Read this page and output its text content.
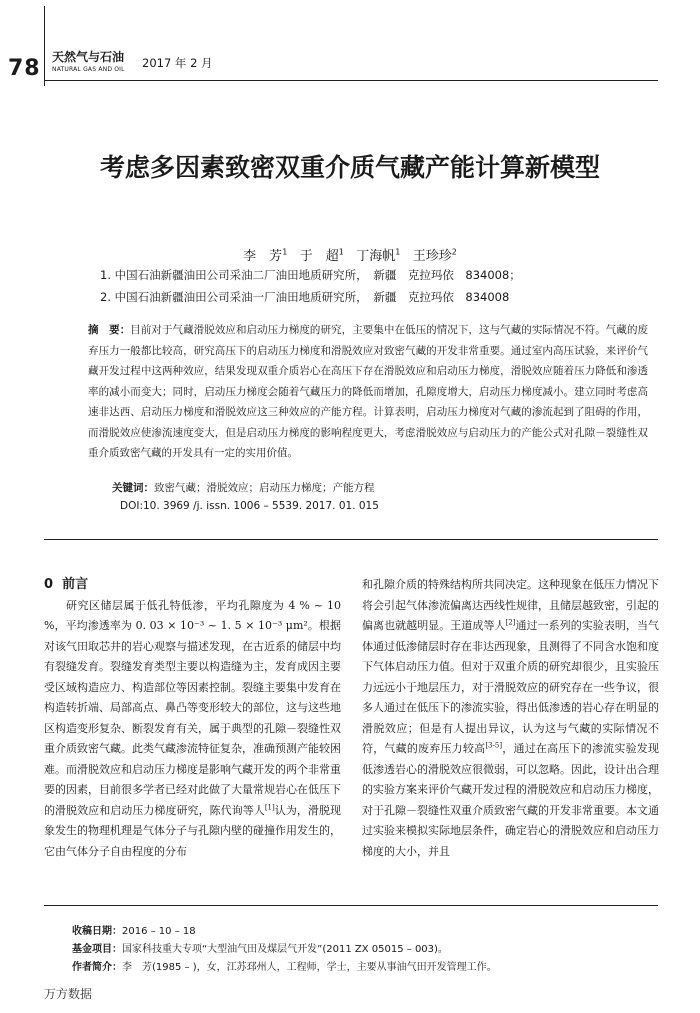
78 天然气与石油
NATURAL GAS AND OIL 2017 年 2 月
考虑多因素致密双重介质气藏产能计算新模型
李　芳$^1$ 于　超$^1$ 丁海帆$^1$ 王珍珍$^2$
1. 中国石油新疆油田公司采油二厂油田地质研究所，　新疆　克拉玛依　834008；
2. 中国石油新疆油田公司采油一厂油田地质研究所，　新疆　克拉玛依　834008
摘　要：目前对于气藏滑脱效应和启动压力梯度的研究，主要集中在低压的情况下，这与气藏的实际情况不符。气藏的废弃压力一般都比较高，研究高压下的启动压力梯度和滑脱效应对致密气藏的开发非常重要。通过室内高压试验，来评价气藏开发过程中这两种效应，结果发现双重介质岩心在高压下存在滑脱效应和启动压力梯度，滑脱效应随着压力降低和渗透率的减小而变大；同时，启动压力梯度会随着气藏压力的降低而增加，孔隙度增大，启动压力梯度减小。建立同时考虑高速非达西、启动压力梯度和滑脱效应这三种效应的产能方程。计算表明，启动压力梯度对气藏的渗流起到了阻碍的作用，而滑脱效应使渗流速度变大，但是启动压力梯度的影响程度更大，考虑滑脱效应与启动压力的产能公式对孔隙－裂缝性双重介质致密气藏的开发具有一定的实用价值。
关键词：致密气藏；滑脱效应；启动压力梯度；产能方程
DOI:10. 3969 /j. issn. 1006 – 5539. 2017. 01. 015
0 前言

研究区储层属于低孔特低渗，平均孔隙度为 4 % ~ 10 %，平均渗透率为 0. 03 × 10⁻³ ~ 1. 5 × 10⁻³ μm²。根据对该气田取芯井的岩心观察与描述发现，在古近系的储层中均有裂缝发育。裂缝发育类型主要以构造缝为主，发育成因主要受区域构造应力、构造部位等因素控制。裂缝主要集中发育在构造转折端、局部高点、鼻凸等变形较大的部位，这与这些地区构造变形复杂、断裂发育有关，属于典型的孔隙－裂缝性双重介质致密气藏。此类气藏渗流特征复杂，准确预测产能较困难。而滑脱效应和启动压力梯度是影响气藏开发的两个非常重要的因素，目前很多学者已经对此做了大量常规岩心在低压下的滑脱效应和启动压力梯度研究，陈代询等人[1]认为，滑脱现象发生的物理机理是气体分子与孔隙内壁的碰撞作用发生的，它由气体分子自由程度的分布

和孔隙介质的特殊结构所共同决定。这种现象在低压力情况下将会引起气体渗流偏离达西线性规律，且储层越致密，引起的偏离也就越明显。王道成等人[2]通过一系列的实验表明，当气体通过低渗储层时存在非达西现象，且测得了不同含水饱和度下气体启动压力值。但对于双重介质的研究却很少，且实验压力远远小于地层压力，对于滑脱效应的研究存在一些争议，很多人通过在低压下的渗流实验，得出低渗透的岩心存在明显的滑脱效应；但是有人提出异议，认为这与气藏的实际情况不符，气藏的废弃压力较高[3-5]，通过在高压下的渗流实验发现低渗透岩心的滑脱效应很微弱，可以忽略。因此，设计出合理的实验方案来评价气藏开发过程的滑脱效应和启动压力梯度，对于孔隙－裂缝性双重介质致密气藏的开发非常重要。本文通过实验来模拟实际地层条件，确定岩心的滑脱效应和启动压力梯度的大小，并且

收稿日期：2016 – 10 – 18
基金项目：国家科技重大专项“大型油气田及煤层气开发”(2011 ZX 05015 – 003)。
作者简介：李　芳(1985 – )，女，江苏邳州人，工程师，学士，主要从事油气田开发管理工作。
万方数据
